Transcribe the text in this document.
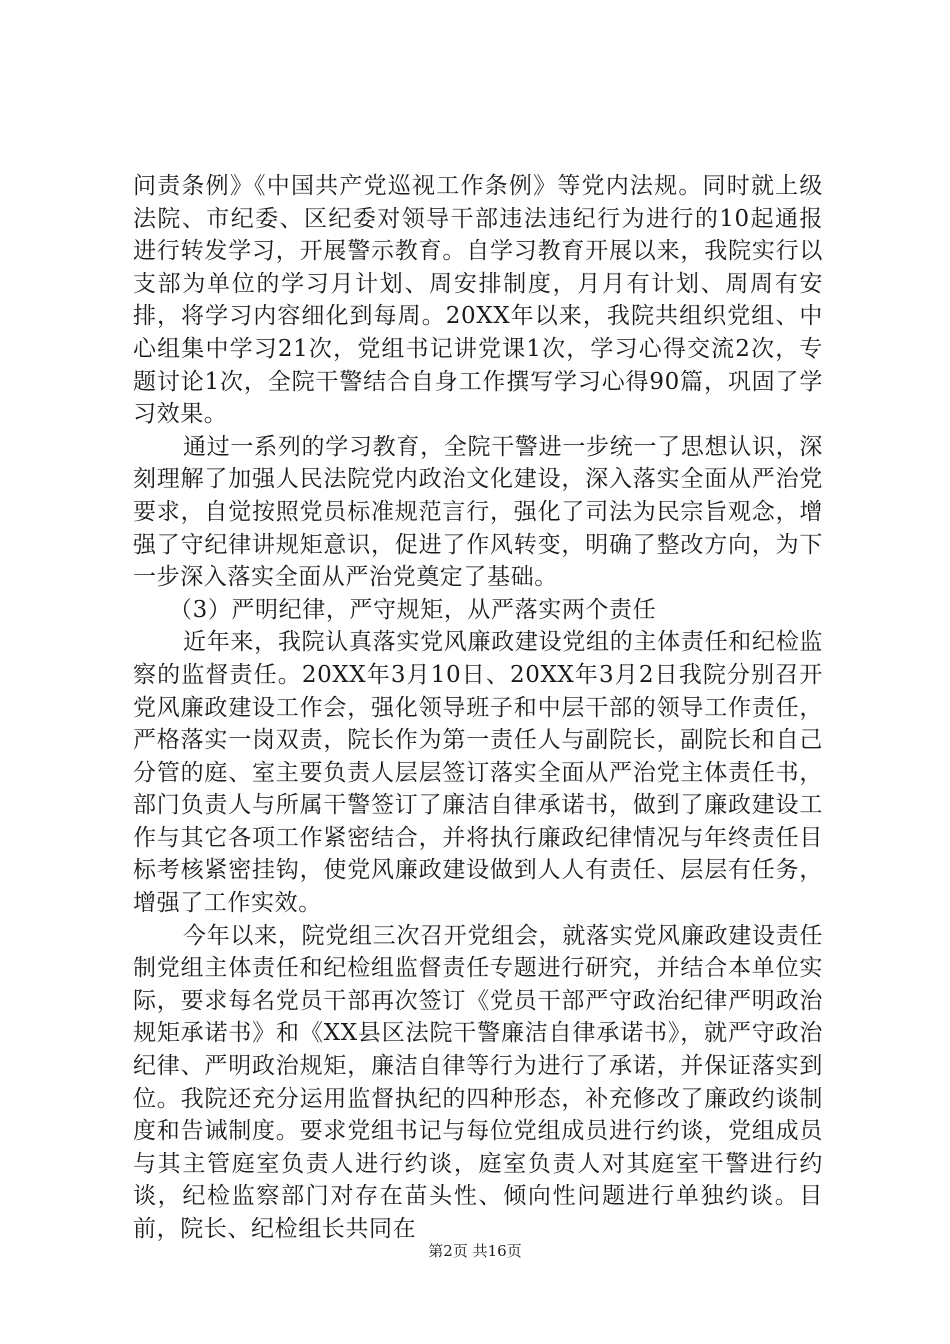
问责条例》《中国共产党巡视工作条例》等党内法规。同时就上级法院、市纪委、区纪委对领导干部违法违纪行为进行的10起通报进行转发学习，开展警示教育。自学习教育开展以来，我院实行以支部为单位的学习月计划、周安排制度，月月有计划、周周有安排，将学习内容细化到每周。20XX年以来，我院共组织党组、中心组集中学习21次，党组书记讲党课1次，学习心得交流2次，专题讨论1次，全院干警结合自身工作撰写学习心得90篇，巩固了学习效果。

通过一系列的学习教育，全院干警进一步统一了思想认识，深刻理解了加强人民法院党内政治文化建设，深入落实全面从严治党要求，自觉按照党员标准规范言行，强化了司法为民宗旨观念，增强了守纪律讲规矩意识，促进了作风转变，明确了整改方向，为下一步深入落实全面从严治党奠定了基础。

（3）严明纪律，严守规矩，从严落实两个责任

近年来，我院认真落实党风廉政建设党组的主体责任和纪检监察的监督责任。20XX年3月10日、20XX年3月2日我院分别召开党风廉政建设工作会，强化领导班子和中层干部的领导工作责任，严格落实一岗双责，院长作为第一责任人与副院长，副院长和自己分管的庭、室主要负责人层层签订落实全面从严治党主体责任书，部门负责人与所属干警签订了廉洁自律承诺书，做到了廉政建设工作与其它各项工作紧密结合，并将执行廉政纪律情况与年终责任目标考核紧密挂钩，使党风廉政建设做到人人有责任、层层有任务，增强了工作实效。

今年以来，院党组三次召开党组会，就落实党风廉政建设责任制党组主体责任和纪检组监督责任专题进行研究，并结合本单位实际，要求每名党员干部再次签订《党员干部严守政治纪律严明政治规矩承诺书》和《XX县区法院干警廉洁自律承诺书》，就严守政治纪律、严明政治规矩，廉洁自律等行为进行了承诺，并保证落实到位。我院还充分运用监督执纪的四种形态，补充修改了廉政约谈制度和告诫制度。要求党组书记与每位党组成员进行约谈，党组成员与其主管庭室负责人进行约谈，庭室负责人对其庭室干警进行约谈，纪检监察部门对存在苗头性、倾向性问题进行单独约谈。目前，院长、纪检组长共同在

第2页 共16页
